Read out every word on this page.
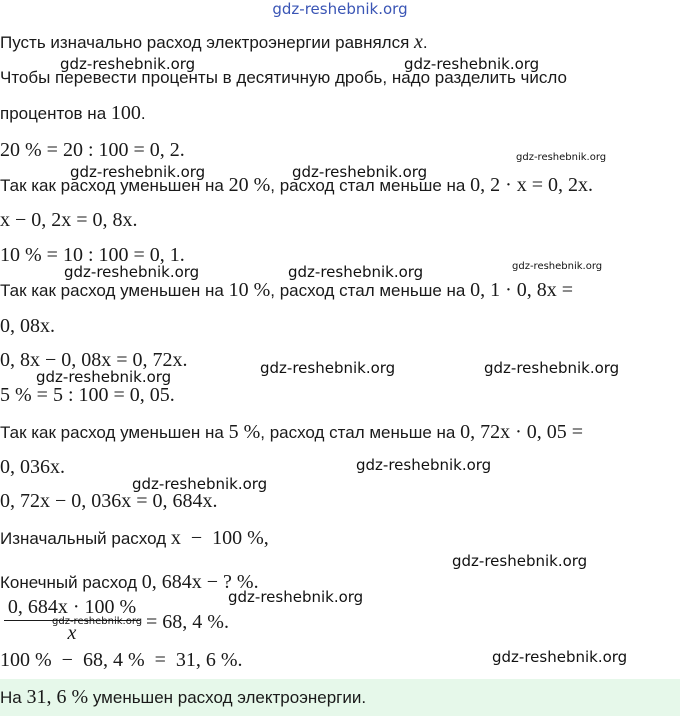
gdz-reshebnik.org
Пусть изначально расход электроэнергии равнялся x.
Чтобы перевести проценты в десятичную дробь, надо разделить число
процентов на 100.
20 % = 20 : 100 = 0, 2.
Так как расход уменьшен на 20 %, расход стал меньше на 0, 2 · x = 0, 2x.
x − 0, 2x = 0, 8x.
10 % = 10 : 100 = 0, 1.
Так как расход уменьшен на 10 %, расход стал меньше на 0, 1 · 0, 8x =
0, 08x.
0, 8x − 0, 08x = 0, 72x.
5 % = 5 : 100 = 0, 05.
Так как расход уменьшен на 5 %, расход стал меньше на 0, 72x · 0, 05 =
0, 036x.
0, 72x − 0, 036x = 0, 684x.
Изначальный расход x  −  100 %,
Конечный расход 0, 684x − ? %.
0, 684x · 100 %
x	= 68, 4 %.
100 %  −  68, 4 %  =  31, 6 %.
На 31, 6 % уменьшен расход электроэнергии.
gdz-reshebnik.org	gdz-reshebnik.org
gdz-reshebnik.org	gdz-reshebnik.org
gdz-reshebnik.org
gdz-reshebnik.org	gdz-reshebnik.org	gdz-reshebnik.org
gdz-reshebnik.org	gdz-reshebnik.org
gdz-reshebnik.org
gdz-reshebnik.org
gdz-reshebnik.org
gdz-reshebnik.org
gdz-reshebnik.org
gdz-reshebnik.org
gdz-reshebnik.org
